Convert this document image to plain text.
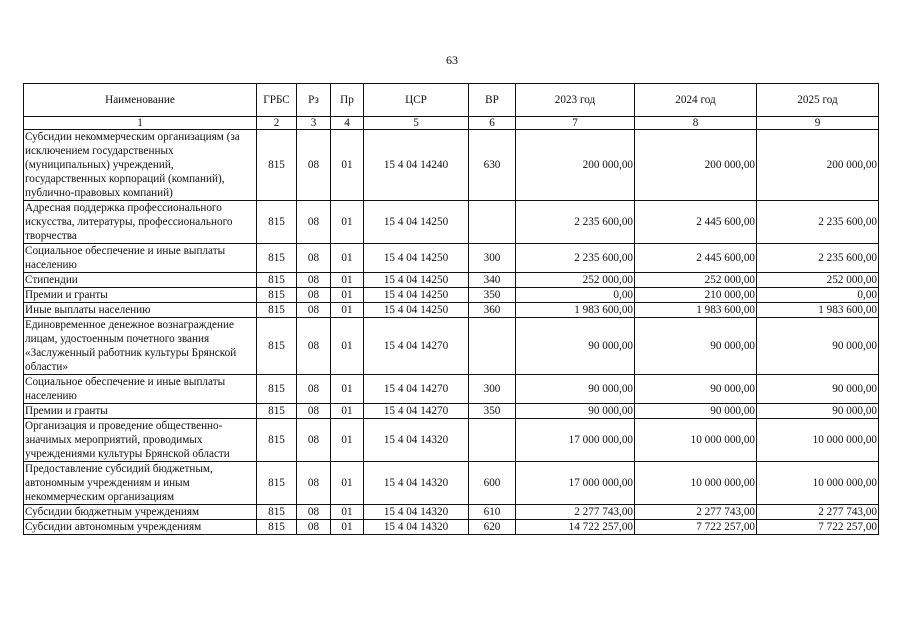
63
Наименование	ГРБС	Рз	Пр	ЦСР	ВР	2023 год	2024 год	2025 год
1	2	3	4	5	6	7	8	9
Субсидии некоммерческим организациям (за исключением государственных (муниципальных) учреждений, государственных корпораций (компаний), публично-правовых компаний)	815	08	01	15 4 04 14240	630	200 000,00	200 000,00	200 000,00
Адресная поддержка профессионального искусства, литературы, профессионального творчества	815	08	01	15 4 04 14250		2 235 600,00	2 445 600,00	2 235 600,00
Социальное обеспечение и иные выплаты населению	815	08	01	15 4 04 14250	300	2 235 600,00	2 445 600,00	2 235 600,00
Стипендии	815	08	01	15 4 04 14250	340	252 000,00	252 000,00	252 000,00
Премии и гранты	815	08	01	15 4 04 14250	350	0,00	210 000,00	0,00
Иные выплаты населению	815	08	01	15 4 04 14250	360	1 983 600,00	1 983 600,00	1 983 600,00
Единовременное денежное вознаграждение лицам, удостоенным почетного звания «Заслуженный работник культуры Брянской области»	815	08	01	15 4 04 14270		90 000,00	90 000,00	90 000,00
Социальное обеспечение и иные выплаты населению	815	08	01	15 4 04 14270	300	90 000,00	90 000,00	90 000,00
Премии и гранты	815	08	01	15 4 04 14270	350	90 000,00	90 000,00	90 000,00
Организация и проведение общественно-значимых мероприятий, проводимых учреждениями культуры Брянской области	815	08	01	15 4 04 14320		17 000 000,00	10 000 000,00	10 000 000,00
Предоставление субсидий бюджетным, автономным учреждениям и иным некоммерческим организациям	815	08	01	15 4 04 14320	600	17 000 000,00	10 000 000,00	10 000 000,00
Субсидии бюджетным учреждениям	815	08	01	15 4 04 14320	610	2 277 743,00	2 277 743,00	2 277 743,00
Субсидии автономным учреждениям	815	08	01	15 4 04 14320	620	14 722 257,00	7 722 257,00	7 722 257,00
